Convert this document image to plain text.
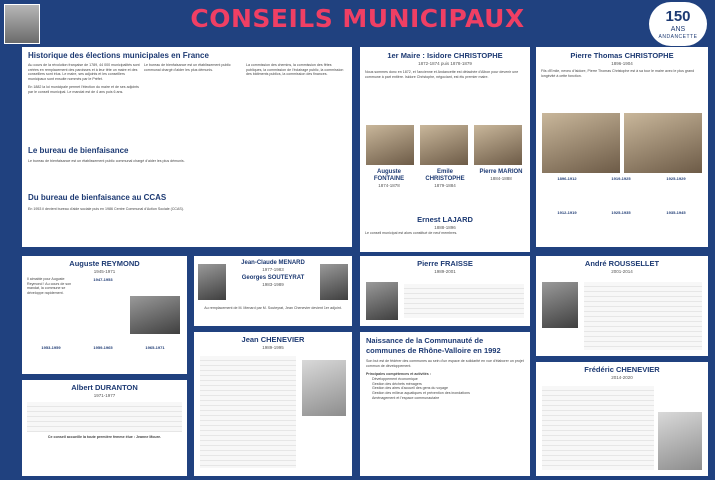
CONSEILS MUNICIPAUX	150
ANS
ANDANCETTE
Historique des élections municipales en France
Au cours de la révolution française de 1789, 44 000 municipalités sont créées en remplacement des paroisses et à leur tête un maire et des conseillers sont élus. Le maire, ses adjoints et les conseillers municipaux sont ensuite nommés par le Préfet.
En 1882 la loi municipale permet l'élection du maire et de ses adjoints par le conseil municipal. Le mandat est de 4 ans puis 6 ans.
Le bureau de bienfaisance est un établissement public communal chargé d'aider les plus démunis.
La commission des chemins, la commission des fêtes publiques, la commission de l'éclairage public, la commission des bâtiments publics, la commission des finances.
Le bureau de bienfaisance
Le bureau de bienfaisance est un établissement public communal chargé d'aider les plus démunis.
Du bureau de bienfaisance au CCAS
En 1953 il devient bureau d'aide sociale puis en 1986 Centre Communal d'Action Sociale (CCAS).
1er Maire : Isidore CHRISTOPHE
1872-1874 puis 1878-1879
Nous sommes donc en 1872, et l'ancienne et Andancette est détachée d'Albon pour devenir une commune à part entière. Isidore Christophe, négociant, est élu premier maire.
Auguste FONTAINE
1874-1878
Emile CHRISTOPHE
1879-1884
Pierre MARION
1884-1888
Ernest LAJARD
1888-1896
Le conseil municipal est alors constitué de neuf membres.
Pierre Thomas CHRISTOPHE
1896-1904
Fils d'Emile, neveu d'Isidore, Pierre Thomas Christophe est à sa tour le maire avec le plus grand longévité à cette fonction.
1896-1912	1919-1925	1925-1929
1912-1919	1925-1935	1935-1945
Auguste REYMOND
1945-1971
Il aimable pour Auguste Reymond ! Au cours de son mandat, la commune se développe rapidement.
1947-1953
1953-1959	1959-1965	1965-1971
Jean-Claude MENARD
1977-1983
Georges SOUTEYRAT
1983-1989
Au remplacement de M. Menard par M. Souteyrat, Jean Chenevier devient 1er adjoint.
Pierre FRAISSE
1989-2001
André ROUSSELLET
2001-2014
Albert DURANTON
1971-1977
Ce conseil accueille la toute première femme élue : Jeanne Moure.
Jean CHENEVIER
1989-1995
Naissance de la Communauté de communes de Rhône-Valloire en 1992
Son but est de fédérer des communes au sein d'un espace de solidarité en vue d'élaborer un projet commun de développement.
Principales compétences et activités :
Développement économique
Gestion des déchets ménagers
Gestion des aires d'accueil des gens du voyage
Gestion des milieux aquatiques et prévention des inondations
Aménagement et l'espace communautaire
Frédéric CHENEVIER
2014-2020
